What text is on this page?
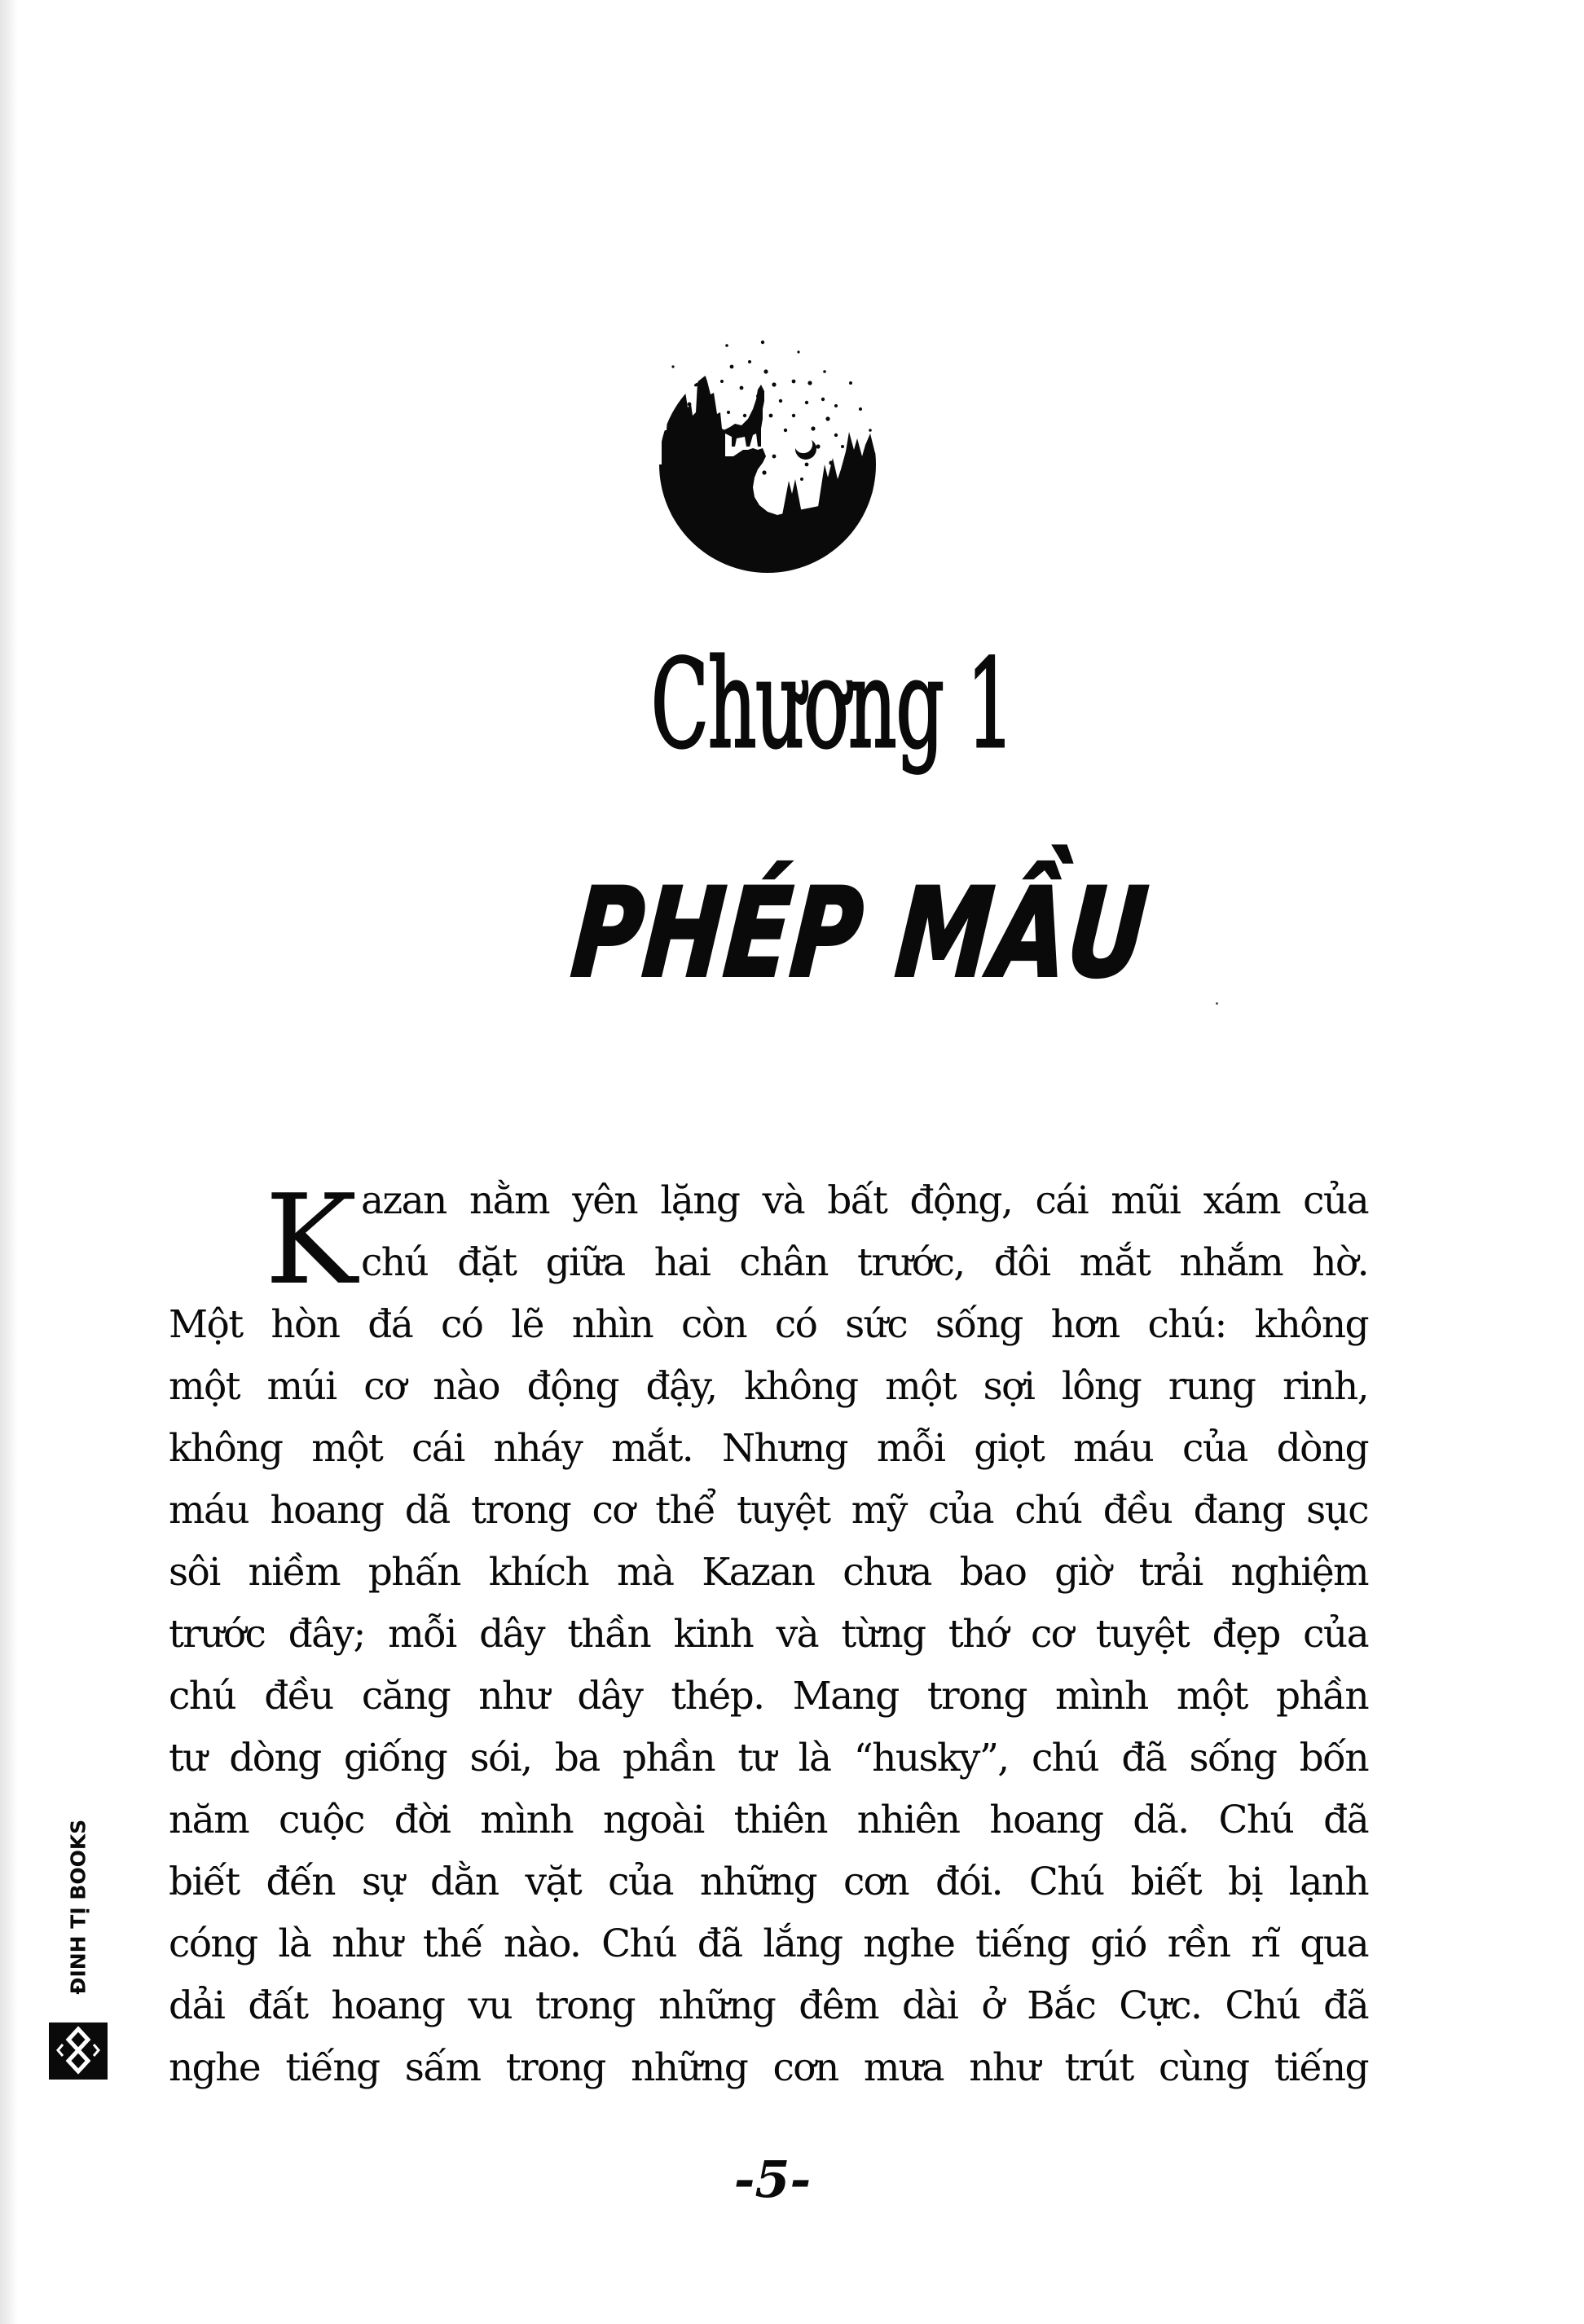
Chương 1
PHÉP MẦU
K azan nằm yên lặng và bất động, cái mũi xám của
chú đặt giữa hai chân trước, đôi mắt nhắm hờ.
Một hòn đá có lẽ nhìn còn có sức sống hơn chú: không
một múi cơ nào động đậy, không một sợi lông rung rinh,
không một cái nháy mắt. Nhưng mỗi giọt máu của dòng
máu hoang dã trong cơ thể tuyệt mỹ của chú đều đang sục
sôi niềm phấn khích mà Kazan chưa bao giờ trải nghiệm
trước đây; mỗi dây thần kinh và từng thớ cơ tuyệt đẹp của
chú đều căng như dây thép. Mang trong mình một phần
tư dòng giống sói, ba phần tư là “husky”, chú đã sống bốn
năm cuộc đời mình ngoài thiên nhiên hoang dã. Chú đã
biết đến sự dằn vặt của những cơn đói. Chú biết bị lạnh
cóng là như thế nào. Chú đã lắng nghe tiếng gió rền rĩ qua
dải đất hoang vu trong những đêm dài ở Bắc Cực. Chú đã
nghe tiếng sấm trong những cơn mưa như trút cùng tiếng
-5-
ĐINH TỊ BOOKS
